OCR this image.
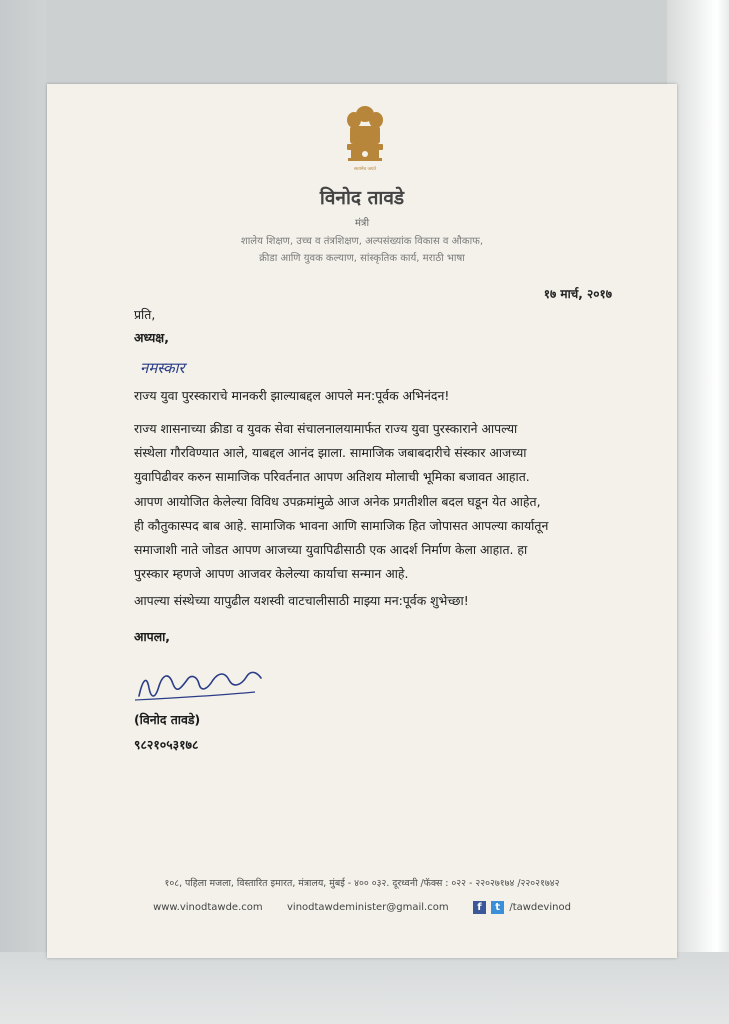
सत्यमेव जयते
विनोद तावडे
मंत्री
शालेय शिक्षण, उच्च व तंत्रशिक्षण, अल्पसंख्यांक विकास व औकाफ,
क्रीडा आणि युवक कल्याण, सांस्कृतिक कार्य, मराठी भाषा
१७ मार्च, २०१७
प्रति,
अध्यक्ष,
नमस्कार
राज्य युवा पुरस्काराचे मानकरी झाल्याबद्दल आपले मन:पूर्वक अभिनंदन!
राज्य शासनाच्या क्रीडा व युवक सेवा संचालनालयामार्फत राज्य युवा पुरस्काराने आपल्या
संस्थेला गौरविण्यात आले, याबद्दल आनंद झाला. सामाजिक जबाबदारीचे संस्कार आजच्या
युवापिढीवर करुन सामाजिक परिवर्तनात आपण अतिशय मोलाची भूमिका बजावत आहात.
आपण आयोजित केलेल्या विविध उपक्रमांमुळे आज अनेक प्रगतीशील बदल घडून येत आहेत,
ही कौतुकास्पद बाब आहे. सामाजिक भावना आणि सामाजिक हित जोपासत आपल्या कार्यातून
समाजाशी नाते जोडत आपण आजच्या युवापिढीसाठी एक आदर्श निर्माण केला आहात. हा
पुरस्कार म्हणजे आपण आजवर केलेल्या कार्याचा सन्मान आहे.
आपल्या संस्थेच्या यापुढील यशस्वी वाटचालीसाठी माझ्या मन:पूर्वक शुभेच्छा!
आपला,
(विनोद तावडे)
९८२१०५३१७८
१०८, पहिला मजला, विस्तारित इमारत, मंत्रालय, मुंबई - ४०० ०३२. दूरध्वनी /फॅक्स : ०२२ - २२०२७१७४ /२२०२१७४२
www.vinodtawde.com vinodtawdeminister@gmail.com	f t /tawdevinod
